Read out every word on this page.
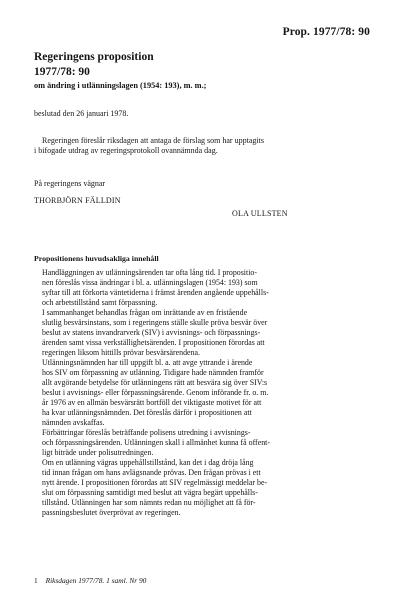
Prop. 1977/78: 90
Regeringens proposition
1977/78: 90
om ändring i utlänningslagen (1954: 193), m. m.;
beslutad den 26 januari 1978.
Regeringen föreslår riksdagen att antaga de förslag som har upptagits
i bifogade utdrag av regeringsprotokoll ovannämnda dag.
På regeringens vägnar
THORBJÖRN FÄLLDIN
OLA ULLSTEN
Propositionens huvudsakliga innehåll

Handläggningen av utlänningsärenden tar ofta lång tid. I propositio-
nen föreslås vissa ändringar i bl. a. utlänningslagen (1954: 193) som
syftar till att förkorta väntetiderna i främst ärenden angående uppehålls-
och arbetstillstånd samt förpassning.

I sammanhanget behandlas frågan om inrättande av en fristående
slutlig besvärsinstans, som i regeringens ställe skulle pröva besvär över
beslut av statens invandrarverk (SIV) i avvisnings- och förpassnings-
ärenden samt vissa verkställighetsärenden. I propositionen förordas att
regeringen liksom hittills prövar besvärsärendena.

Utlänningsnämnden har till uppgift bl. a. att avge yttrande i ärende
hos SIV om förpassning av utlänning. Tidigare hade nämnden framför
allt avgörande betydelse för utlänningens rätt att besvära sig över SIV:s
beslut i avvisnings- eller förpassningsärende. Genom införande fr. o. m.
år 1976 av en allmän besvärsrätt bortföll det viktigaste motivet för att
ha kvar utlänningsnämnden. Det föreslås därför i propositionen att
nämnden avskaffas.

Förbättringar föreslås beträffande polisens utredning i avvisnings-
och förpassningsärenden. Utlänningen skall i allmänhet kunna få offent-
ligt biträde under polisutredningen.

Om en utlänning vägras uppehållstillstånd, kan det i dag dröja lång
tid innan frågan om hans avlägsnande prövas. Den frågan prövas i ett
nytt ärende. I propositionen förordas att SIV regelmässigt meddelar be-
slut om förpassning samtidigt med beslut att vägra begärt uppehålls-
tillstånd. Utlänningen har som nämnts redan nu möjlighet att få för-
passningsbeslutet överprövat av regeringen.

1 Riksdagen 1977/78. 1 saml. Nr 90
